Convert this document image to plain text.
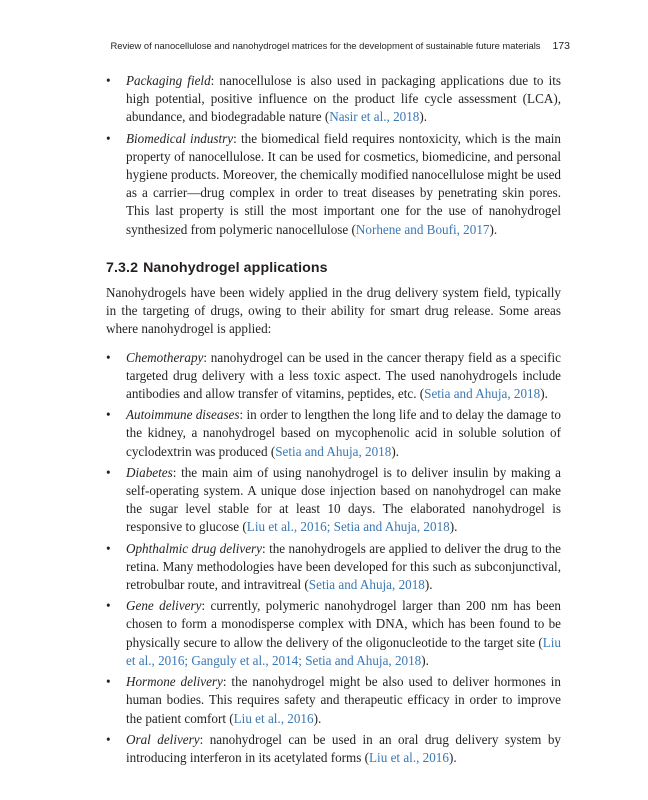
Review of nanocellulose and nanohydrogel matrices for the development of sustainable future materials 173
• Packaging field: nanocellulose is also used in packaging applications due to its high potential, positive influence on the product life cycle assessment (LCA), abundance, and biodegradable nature (Nasir et al., 2018).
• Biomedical industry: the biomedical field requires nontoxicity, which is the main property of nanocellulose. It can be used for cosmetics, biomedicine, and personal hygiene products. Moreover, the chemically modified nanocellulose might be used as a carrier—drug complex in order to treat diseases by penetrating skin pores. This last property is still the most important one for the use of nanohydrogel synthesized from polymeric nanocellulose (Norhene and Boufi, 2017).
7.3.2 Nanohydrogel applications

Nanohydrogels have been widely applied in the drug delivery system field, typically in the targeting of drugs, owing to their ability for smart drug release. Some areas where nanohydrogel is applied:

• Chemotherapy: nanohydrogel can be used in the cancer therapy field as a specific targeted drug delivery with a less toxic aspect. The used nanohydrogels include antibodies and allow transfer of vitamins, peptides, etc. (Setia and Ahuja, 2018).
• Autoimmune diseases: in order to lengthen the long life and to delay the damage to the kidney, a nanohydrogel based on mycophenolic acid in soluble solution of cyclodextrin was produced (Setia and Ahuja, 2018).
• Diabetes: the main aim of using nanohydrogel is to deliver insulin by making a self-operating system. A unique dose injection based on nanohydrogel can make the sugar level stable for at least 10 days. The elaborated nanohydrogel is responsive to glucose (Liu et al., 2016; Setia and Ahuja, 2018).
• Ophthalmic drug delivery: the nanohydrogels are applied to deliver the drug to the retina. Many methodologies have been developed for this such as subconjunctival, retrobulbar route, and intravitreal (Setia and Ahuja, 2018).
• Gene delivery: currently, polymeric nanohydrogel larger than 200 nm has been chosen to form a monodisperse complex with DNA, which has been found to be physically secure to allow the delivery of the oligonucleotide to the target site (Liu et al., 2016; Ganguly et al., 2014; Setia and Ahuja, 2018).
• Hormone delivery: the nanohydrogel might be also used to deliver hormones in human bodies. This requires safety and therapeutic efficacy in order to improve the patient comfort (Liu et al., 2016).
• Oral delivery: nanohydrogel can be used in an oral drug delivery system by introducing interferon in its acetylated forms (Liu et al., 2016).
